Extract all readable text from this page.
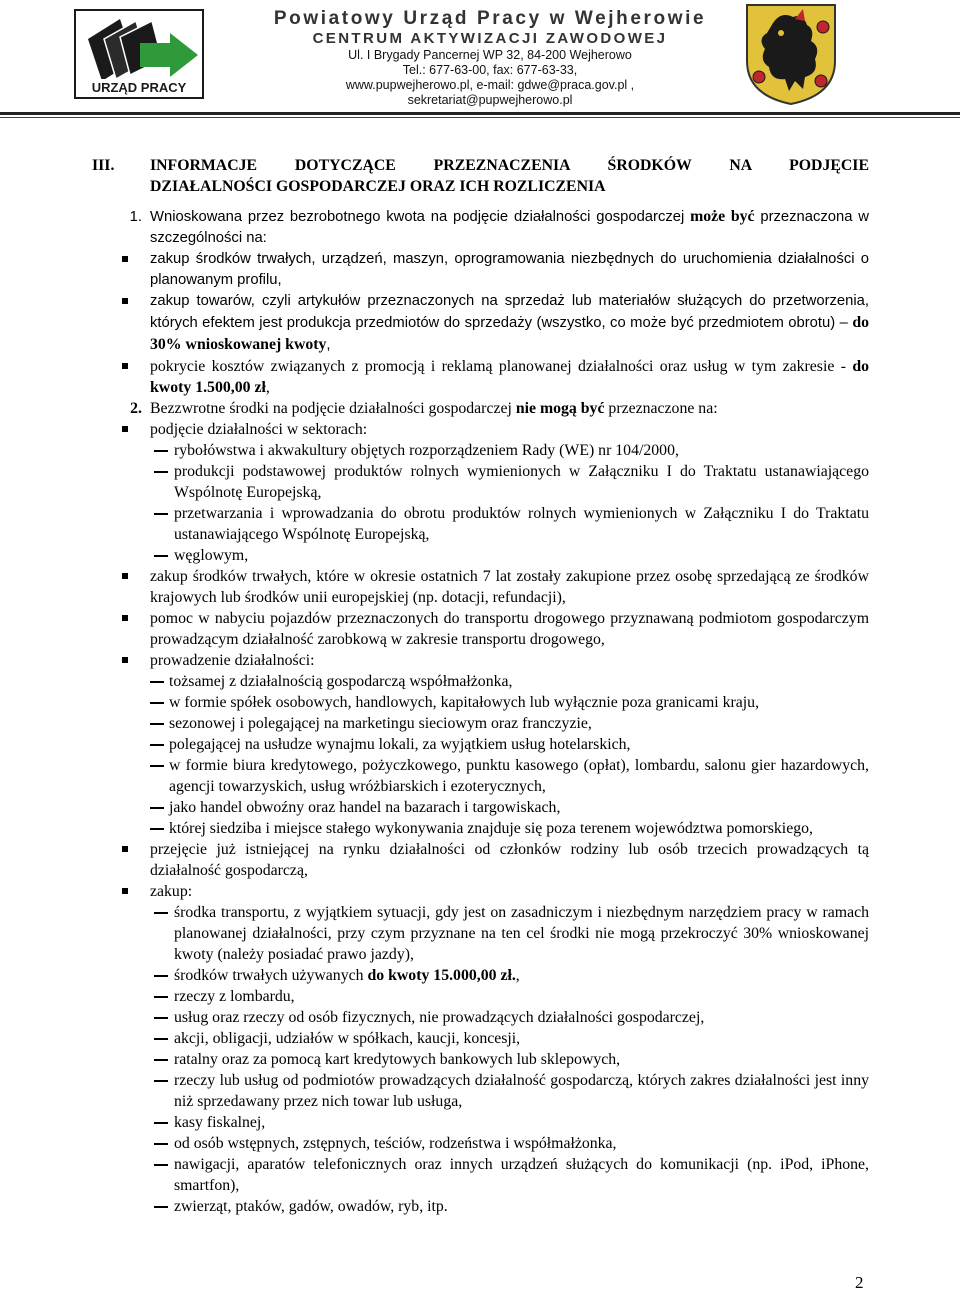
URZĄD PRACY
Powiatowy Urząd Pracy w Wejherowie
CENTRUM AKTYWIZACJI ZAWODOWEJ
Ul. I Brygady Pancernej WP 32, 84-200 Wejherowo
Tel.: 677-63-00, fax: 677-63-33,
www.pupwejherowo.pl, e-mail: gdwe@praca.gov.pl ,
sekretariat@pupwejherowo.pl
III.	INFORMACJE DOTYCZĄCE PRZEZNACZENIA ŚRODKÓW NA PODJĘCIE
DZIAŁALNOŚCI GOSPODARCZEJ ORAZ ICH ROZLICZENIA
1. Wnioskowana przez bezrobotnego kwota na podjęcie działalności gospodarczej może być przeznaczona w szczególności na:
zakup środków trwałych, urządzeń, maszyn, oprogramowania niezbędnych do uruchomienia działalności o planowanym profilu,
zakup towarów, czyli artykułów przeznaczonych na sprzedaż lub materiałów służących do przetworzenia, których efektem jest produkcja przedmiotów do sprzedaży (wszystko, co może być przedmiotem obrotu) – do 30% wnioskowanej kwoty,
pokrycie kosztów związanych z promocją i reklamą planowanej działalności oraz usług w tym zakresie - do kwoty 1.500,00 zł,
2. Bezzwrotne środki na podjęcie działalności gospodarczej nie mogą być przeznaczone na:
podjęcie działalności w sektorach:
rybołówstwa i akwakultury objętych rozporządzeniem Rady (WE) nr 104/2000,
produkcji podstawowej produktów rolnych wymienionych w Załączniku I do Traktatu ustanawiającego Wspólnotę Europejską,
przetwarzania i wprowadzania do obrotu produktów rolnych wymienionych w Załączniku I do Traktatu ustanawiającego Wspólnotę Europejską,
węglowym,
zakup środków trwałych, które w okresie ostatnich 7 lat zostały zakupione przez osobę sprzedającą ze środków krajowych lub środków unii europejskiej (np. dotacji, refundacji),
pomoc w nabyciu pojazdów przeznaczonych do transportu drogowego przyznawaną podmiotom gospodarczym prowadzącym działalność zarobkową w zakresie transportu drogowego,
prowadzenie działalności:
tożsamej z działalnością gospodarczą współmałżonka,
w formie spółek osobowych, handlowych, kapitałowych lub wyłącznie poza granicami kraju,
sezonowej i polegającej na marketingu sieciowym oraz franczyzie,
polegającej na usłudze wynajmu lokali, za wyjątkiem usług hotelarskich,
w formie biura kredytowego, pożyczkowego, punktu kasowego (opłat), lombardu, salonu gier hazardowych, agencji towarzyskich, usług wróżbiarskich i ezoterycznych,
jako handel obwoźny oraz handel na bazarach i targowiskach,
której siedziba i miejsce stałego wykonywania znajduje się poza terenem województwa pomorskiego,
przejęcie już istniejącej na rynku działalności od członków rodziny lub osób trzecich prowadzących tą działalność gospodarczą,
zakup:
środka transportu, z wyjątkiem sytuacji, gdy jest on zasadniczym i niezbędnym narzędziem pracy w ramach planowanej działalności, przy czym przyznane na ten cel środki nie mogą przekroczyć 30% wnioskowanej kwoty (należy posiadać prawo jazdy),
środków trwałych używanych do kwoty 15.000,00 zł.,
rzeczy z lombardu,
usług oraz rzeczy od osób fizycznych, nie prowadzących działalności gospodarczej,
akcji, obligacji, udziałów w spółkach, kaucji, koncesji,
ratalny oraz za pomocą kart kredytowych bankowych lub sklepowych,
rzeczy lub usług od podmiotów prowadzących działalność gospodarczą, których zakres działalności jest inny niż sprzedawany przez nich towar lub usługa,
kasy fiskalnej,
od osób wstępnych, zstępnych, teściów, rodzeństwa i współmałżonka,
nawigacji, aparatów telefonicznych oraz innych urządzeń służących do komunikacji (np. iPod, iPhone, smartfon),
zwierząt, ptaków, gadów, owadów, ryb, itp.
2
